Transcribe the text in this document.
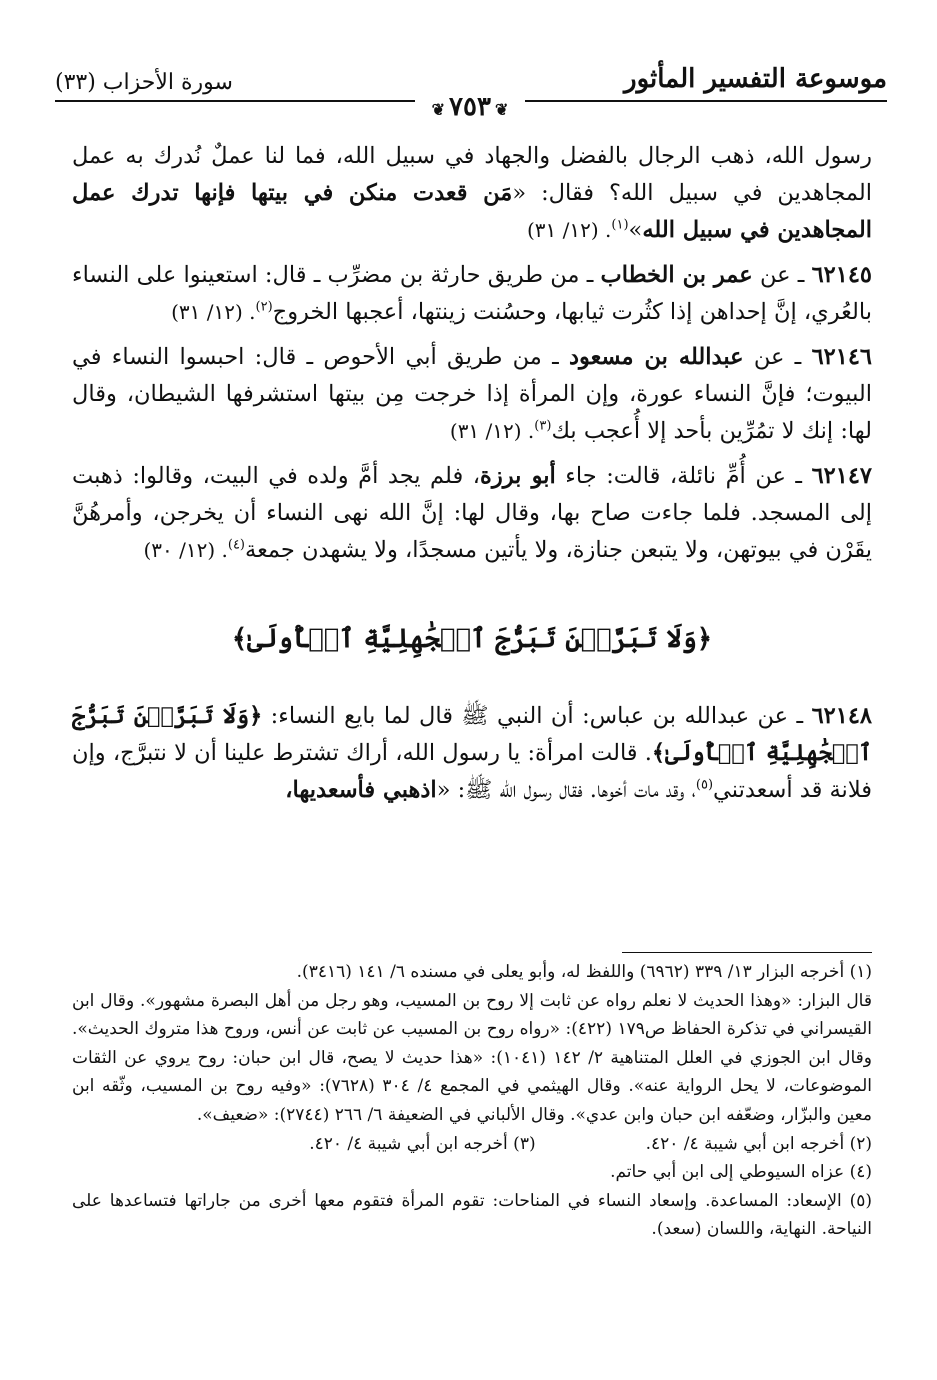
موسوعة التفسير المأثور
سورة الأحزاب (٣٣)
❦٧٥٣❦

رسول الله، ذهب الرجال بالفضل والجهاد في سبيل الله، فما لنا عملٌ نُدرك به عمل المجاهدين في سبيل الله؟ فقال: «مَن قعدت منكن في بيتها فإنها تدرك عمل المجاهدين في سبيل الله»$^{(١)}$. (١٢/ ٣١)

٦٢١٤٥ ـ عن عمر بن الخطاب ـ من طريق حارثة بن مضرِّب ـ قال: استعينوا على النساء بالعُري، إنَّ إحداهن إذا كثُرت ثيابها، وحسُنت زينتها، أعجبها الخروج$^{(٢)}$. (١٢/ ٣١)

٦٢١٤٦ ـ عن عبدالله بن مسعود ـ من طريق أبي الأحوص ـ قال: احبسوا النساء في البيوت؛ فإنَّ النساء عورة، وإن المرأة إذا خرجت مِن بيتها استشرفها الشيطان، وقال لها: إنك لا تمُرِّين بأحد إلا أُعجب بك$^{(٣)}$. (١٢/ ٣١)

٦٢١٤٧ ـ عن أُمِّ نائلة، قالت: جاء أبو برزة، فلم يجد أمَّ ولده في البيت، وقالوا: ذهبت إلى المسجد. فلما جاءت صاح بها، وقال لها: إنَّ الله نهى النساء أن يخرجن، وأمرهُنَّ يقَرْن في بيوتهن، ولا يتبعن جنازة، ولا يأتين مسجدًا، ولا يشهدن جمعة$^{(٤)}$. (١٢/ ٣٠)

﴿وَلَا تَبَرَّجۡنَ تَبَرُّجَ ٱلۡجَٰهِلِيَّةِ ٱلۡأُولَىٰ﴾

٦٢١٤٨ ـ عن عبدالله بن عباس: أن النبي ﷺ قال لما بايع النساء: ﴿وَلَا تَبَرَّجۡنَ تَبَرُّجَ ٱلۡجَٰهِلِيَّةِ ٱلۡأُولَىٰ﴾. قالت امرأة: يا رسول الله، أراك تشترط علينا أن لا نتبرَّج، وإن فلانة قد أسعدتني$^{(٥)}$، وقد مات أخوها. فقال رسول الله ﷺ: «اذهبي فأسعديها،

(١) أخرجه البزار ١٣/ ٣٣٩ (٦٩٦٢) واللفظ له، وأبو يعلى في مسنده ٦/ ١٤١ (٣٤١٦).

قال البزار: «وهذا الحديث لا نعلم رواه عن ثابت إلا روح بن المسيب، وهو رجل من أهل البصرة مشهور». وقال ابن القيسراني في تذكرة الحفاظ ص١٧٩ (٤٢٢): «رواه روح بن المسيب عن ثابت عن أنس، وروح هذا متروك الحديث». وقال ابن الجوزي في العلل المتناهية ٢/ ١٤٢ (١٠٤١): «هذا حديث لا يصح، قال ابن حبان: روح يروي عن الثقات الموضوعات، لا يحل الرواية عنه». وقال الهيثمي في المجمع ٤/ ٣٠٤ (٧٦٢٨): «وفيه روح بن المسيب، وثّقه ابن معين والبزّار، وضعّفه ابن حبان وابن عدي». وقال الألباني في الضعيفة ٦/ ٢٦٦ (٢٧٤٤): «ضعيف».

(٢) أخرجه ابن أبي شيبة ٤/ ٤٢٠.
(٣) أخرجه ابن أبي شيبة ٤/ ٤٢٠.

(٤) عزاه السيوطي إلى ابن أبي حاتم.

(٥) الإسعاد: المساعدة. وإسعاد النساء في المناحات: تقوم المرأة فتقوم معها أخرى من جاراتها فتساعدها على النياحة. النهاية، واللسان (سعد).
